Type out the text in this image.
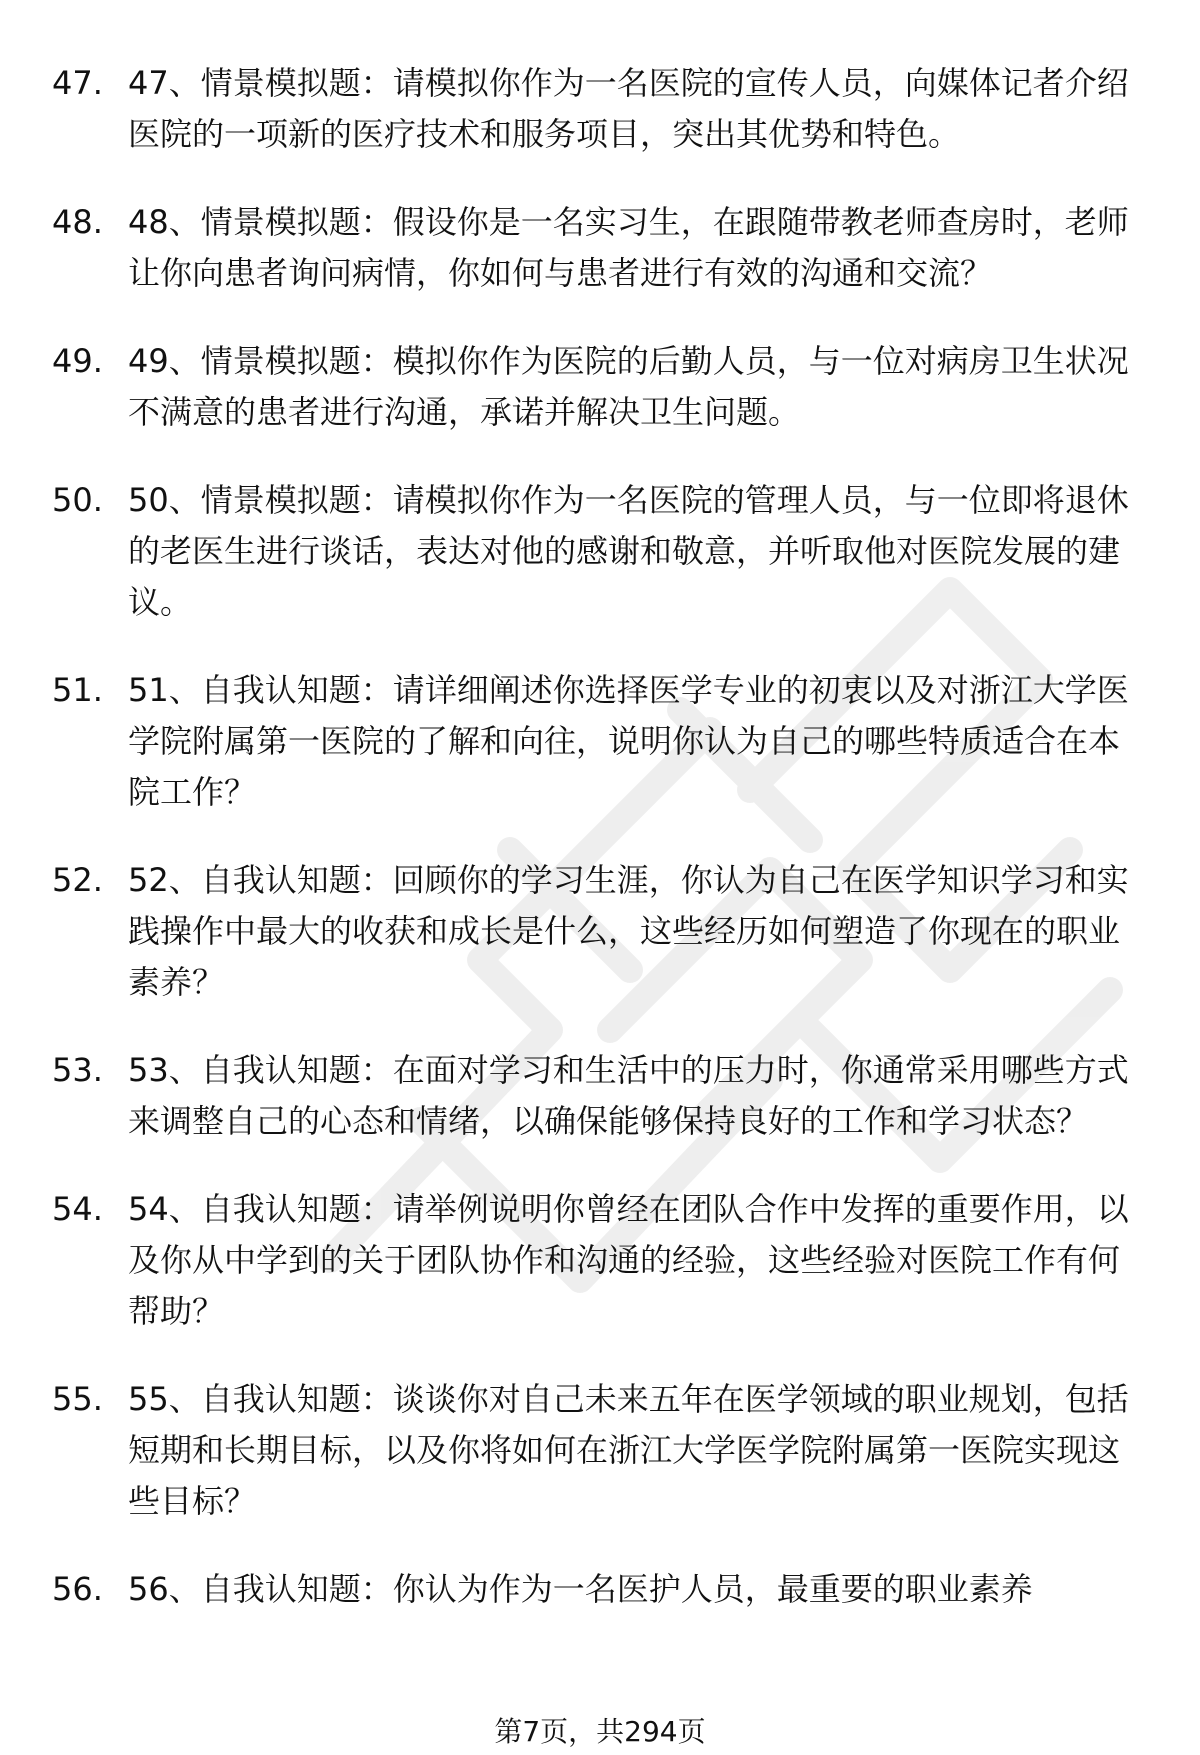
47. 47、情景模拟题：请模拟你作为一名医院的宣传人员，向媒体记者介绍医院的一项新的医疗技术和服务项目，突出其优势和特色。
48. 48、情景模拟题：假设你是一名实习生，在跟随带教老师查房时，老师让你向患者询问病情，你如何与患者进行有效的沟通和交流？
49. 49、情景模拟题：模拟你作为医院的后勤人员，与一位对病房卫生状况不满意的患者进行沟通，承诺并解决卫生问题。
50. 50、情景模拟题：请模拟你作为一名医院的管理人员，与一位即将退休的老医生进行谈话，表达对他的感谢和敬意，并听取他对医院发展的建议。
51. 51、自我认知题：请详细阐述你选择医学专业的初衷以及对浙江大学医学院附属第一医院的了解和向往，说明你认为自己的哪些特质适合在本院工作？
52. 52、自我认知题：回顾你的学习生涯，你认为自己在医学知识学习和实践操作中最大的收获和成长是什么，这些经历如何塑造了你现在的职业素养？
53. 53、自我认知题：在面对学习和生活中的压力时，你通常采用哪些方式来调整自己的心态和情绪，以确保能够保持良好的工作和学习状态？
54. 54、自我认知题：请举例说明你曾经在团队合作中发挥的重要作用，以及你从中学到的关于团队协作和沟通的经验，这些经验对医院工作有何帮助？
55. 55、自我认知题：谈谈你对自己未来五年在医学领域的职业规划，包括短期和长期目标，以及你将如何在浙江大学医学院附属第一医院实现这些目标？
56. 56、自我认知题：你认为作为一名医护人员，最重要的职业素养
第7页，共294页
